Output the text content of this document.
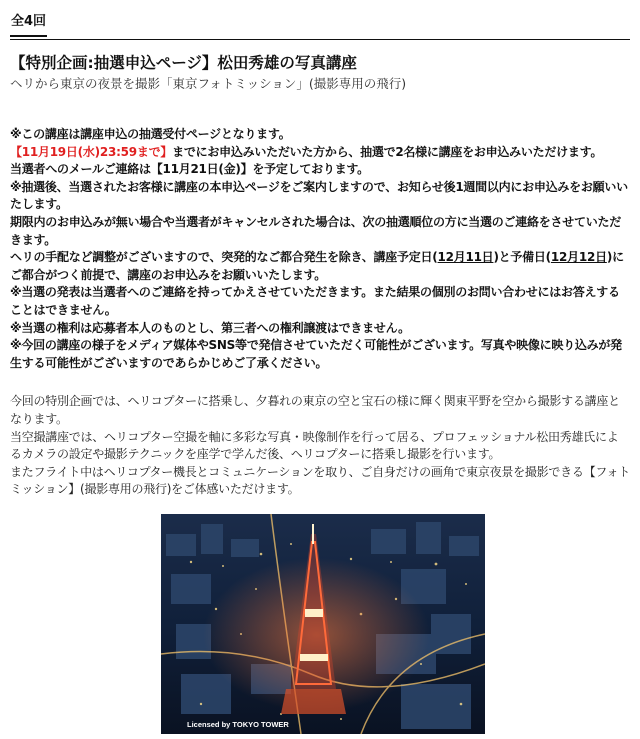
全4回
【特別企画:抽選申込ページ】松田秀雄の写真講座
ヘリから東京の夜景を撮影「東京フォトミッション」(撮影専用の飛行)
※この講座は講座申込の抽選受付ページとなります。
【11月19日(水)23:59まで】までにお申込みいただいた方から、抽選で2名様に講座をお申込みいただけます。
当選者へのメールご連絡は【11月21日(金)】を予定しております。
※抽選後、当選されたお客様に講座の本申込ページをご案内しますので、お知らせ後1週間以内にお申込みをお願いいたします。
期限内のお申込みが無い場合や当選者がキャンセルされた場合は、次の抽選順位の方に当選のご連絡をさせていただきます。
ヘリの手配など調整がございますので、突発的なご都合発生を除き、講座予定日(12月11日)と予備日(12月12日)にご都合がつく前提で、講座のお申込みをお願いいたします。
※当選の発表は当選者へのご連絡を持ってかえさせていただきます。また結果の個別のお問い合わせにはお答えすることはできません。
※当選の権利は応募者本人のものとし、第三者への権利譲渡はできません。
※今回の講座の様子をメディア媒体やSNS等で発信させていただく可能性がございます。写真や映像に映り込みが発生する可能性がございますのであらかじめご了承ください。
今回の特別企画では、ヘリコプターに搭乗し、夕暮れの東京の空と宝石の様に輝く関東平野を空から撮影する講座となります。
当空撮講座では、ヘリコプター空撮を軸に多彩な写真・映像制作を行って居る、プロフェッショナル松田秀雄氏によるカメラの設定や撮影テクニックを座学で学んだ後、ヘリコプターに搭乗し撮影を行います。
またフライト中はヘリコプター機長とコミュニケーションを取り、ご自身だけの画角で東京夜景を撮影できる【フォトミッション】(撮影専用の飛行)をご体感いただけます。
Licensed by TOKYO TOWER
